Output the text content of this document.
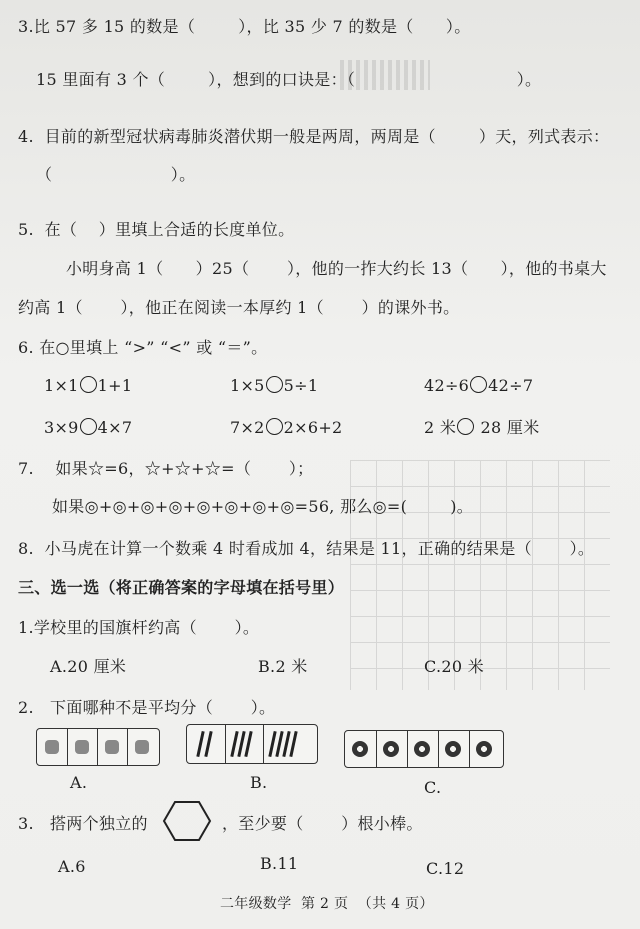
3.比 57 多 15 的数是（        ），比 35 少 7 的数是（      ）。
15 里面有 3 个（        ），想到的口诀是：（                              ）。
4.  目前的新型冠状病毒肺炎潜伏期一般是两周，两周是（        ）天，列式表示：
（                      ）。
5.  在（    ）里填上合适的长度单位。
小明身高 1（      ）25（       ），他的一拃大约长 13（      ），他的书桌大
约高 1（       ），他正在阅读一本厚约 1（       ）的课外书。
6. 在○里填上 “>” “<” 或 “＝”。
1×1 1+1	1×5 5÷1	42÷6 42÷7
3×9 4×7	7×2 2×6+2	2 米 28 厘米
7.    如果☆=6，☆+☆+☆=（       ）；
如果◎+◎+◎+◎+◎+◎+◎+◎=56, 那么◎=(        )。
8.  小马虎在计算一个数乘 4 时看成加 4，结果是 11，正确的结果是（       ）。
三、选一选（将正确答案的字母填在括号里）
1.学校里的国旗杆约高（       ）。
A.20 厘米	B.2 米	C.20 米
2.   下面哪种不是平均分（       ）。
A.	B.	C.
3.   搭两个独立的	，至少要（       ）根小棒。
A.6	B.11	C.12
二年级数学  第 2 页  （共 4 页）
